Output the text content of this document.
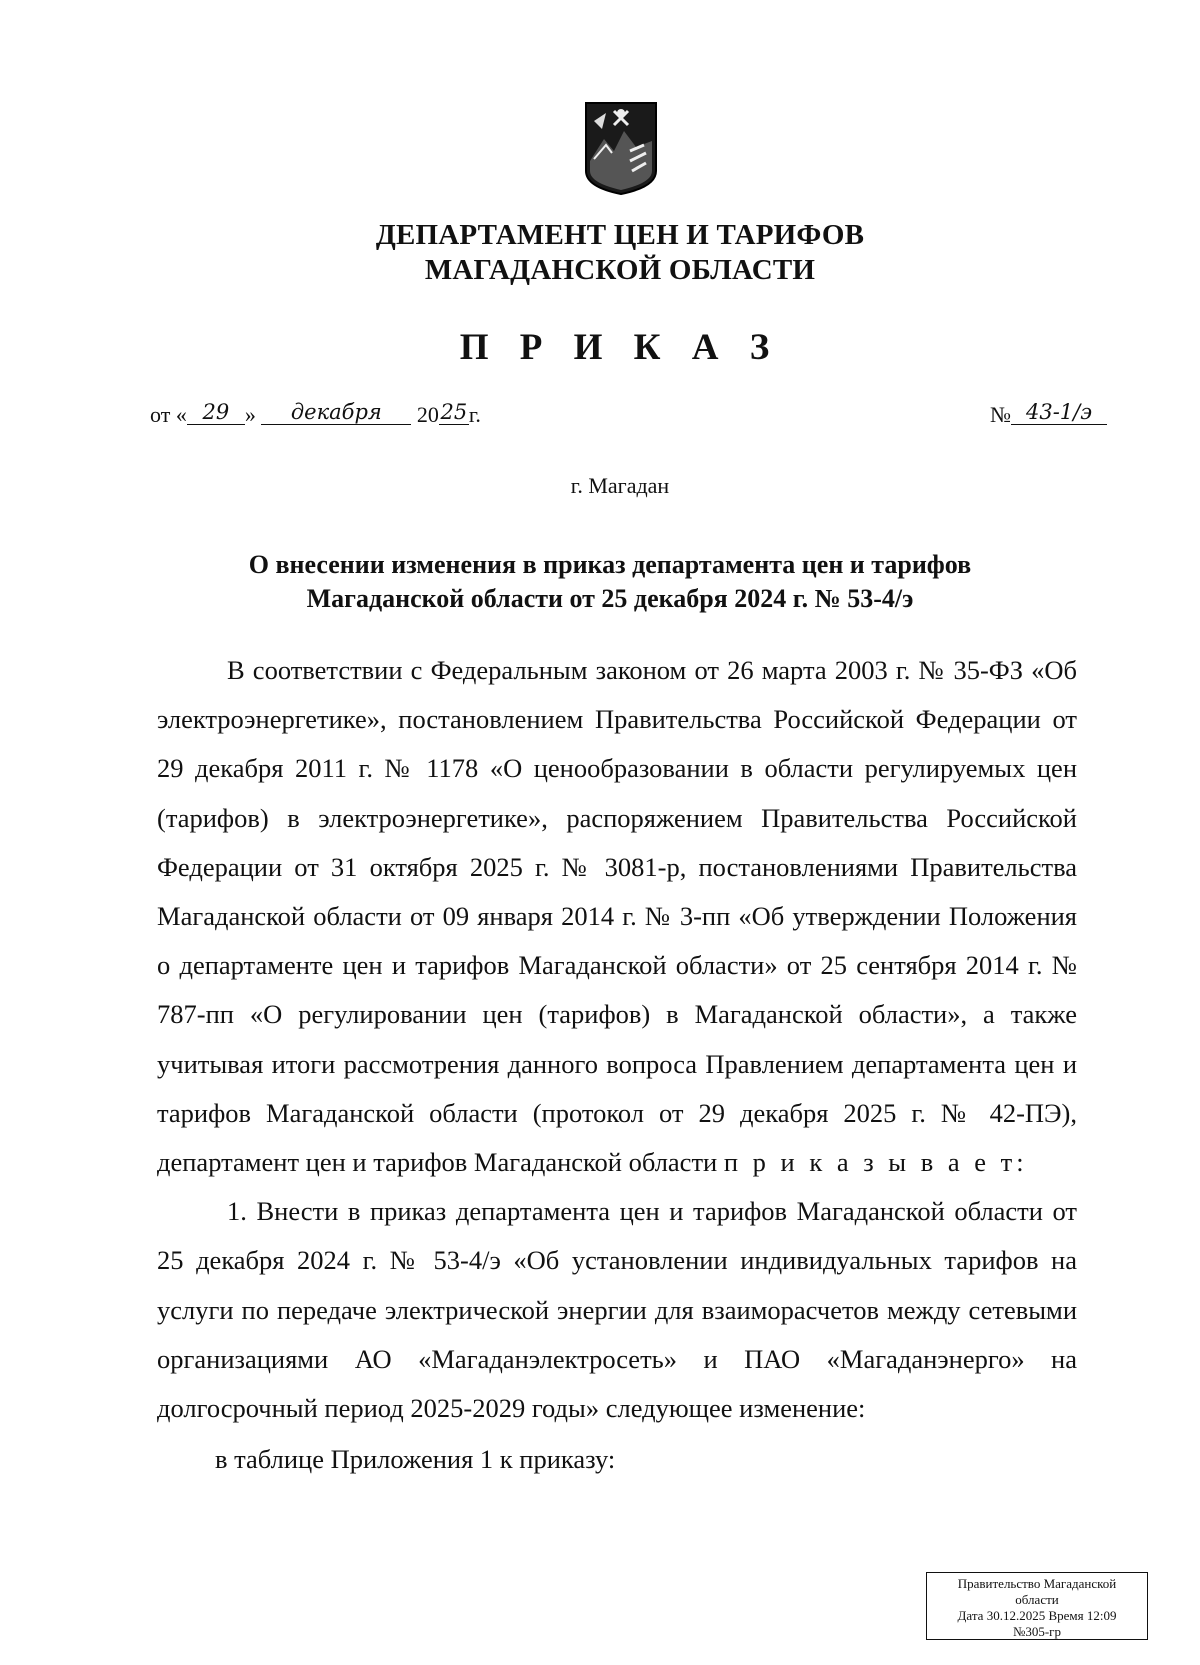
ДЕПАРТАМЕНТ ЦЕН И ТАРИФОВ
МАГАДАНСКОЙ ОБЛАСТИ
П Р И К А З
от « 29 » декабря 2025г.	№ 43-1/э
г. Магадан
О внесении изменения в приказ департамента цен и тарифов
Магаданской области от 25 декабря 2024 г. № 53-4/э

В соответствии с Федеральным законом от 26 марта 2003 г. № 35-ФЗ «Об электроэнергетике», постановлением Правительства Российской Федерации от 29 декабря 2011 г. № 1178 «О ценообразовании в области регулируемых цен (тарифов) в электроэнергетике», распоряжением Правительства Российской Федерации от 31 октября 2025 г. № 3081-р, постановлениями Правительства Магаданской области от 09 января 2014 г. № 3-пп «Об утверждении Положения о департаменте цен и тарифов Магаданской области» от 25 сентября 2014 г. № 787-пп «О регулировании цен (тарифов) в Магаданской области», а также учитывая итоги рассмотрения данного вопроса Правлением департамента цен и тарифов Магаданской области (протокол от 29 декабря 2025 г. № 42-ПЭ), департамент цен и тарифов Магаданской области п р и к а з ы в а е т:

1. Внести в приказ департамента цен и тарифов Магаданской области от 25 декабря 2024 г. № 53-4/э «Об установлении индивидуальных тарифов на услуги по передаче электрической энергии для взаиморасчетов между сетевыми организациями АО «Магаданэлектросеть» и ПАО «Магаданэнерго» на долгосрочный период 2025-2029 годы» следующее изменение:

в таблице Приложения 1 к приказу:

Правительство Магаданской
области
Дата 30.12.2025 Время 12:09
№305-гр
